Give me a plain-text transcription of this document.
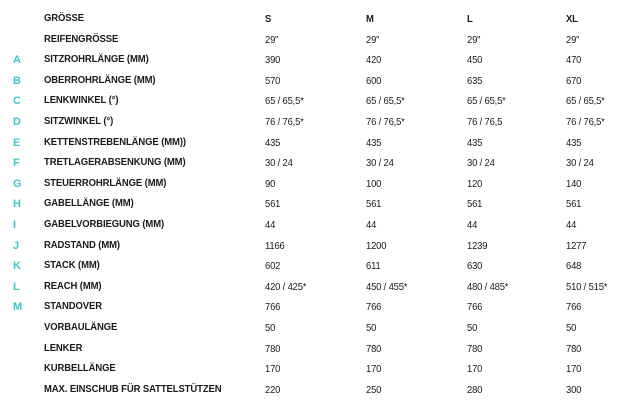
GRÖSSE	S	M	L	XL
REIFENGRÖSSE	29"	29"	29"	29"
A SITZROHRLÄNGE (MM)	390	420	450	470
B OBERROHRLÄNGE (MM)	570	600	635	670
C LENKWINKEL (°)	65 / 65,5*	65 / 65,5*	65 / 65,5*	65 / 65,5*
D SITZWINKEL (°)	76 / 76,5*	76 / 76,5*	76 / 76,5	76 / 76,5*
E KETTENSTREBENLÄNGE (MM))	435	435	435	435
F TRETLAGERABSENKUNG (MM)	30 / 24	30 / 24	30 / 24	30 / 24
G STEUERROHRLÄNGE (MM)	90	100	120	140
H GABELLÄNGE (MM)	561	561	561	561
I	GABELVORBIEGUNG (MM)	44	44	44	44
J RADSTAND (MM)	1166	1200	1239	1277
K STACK (MM)	602	611	630	648
L REACH (MM)	420 / 425*	450 / 455*	480 / 485*	510 / 515*
M STANDOVER	766	766	766	766
VORBAULÄNGE	50	50	50	50
LENKER	780	780	780	780
KURBELLÄNGE	170	170	170	170
MAX. EINSCHUB FÜR SATTELSTÜTZEN	220	250	280	300
